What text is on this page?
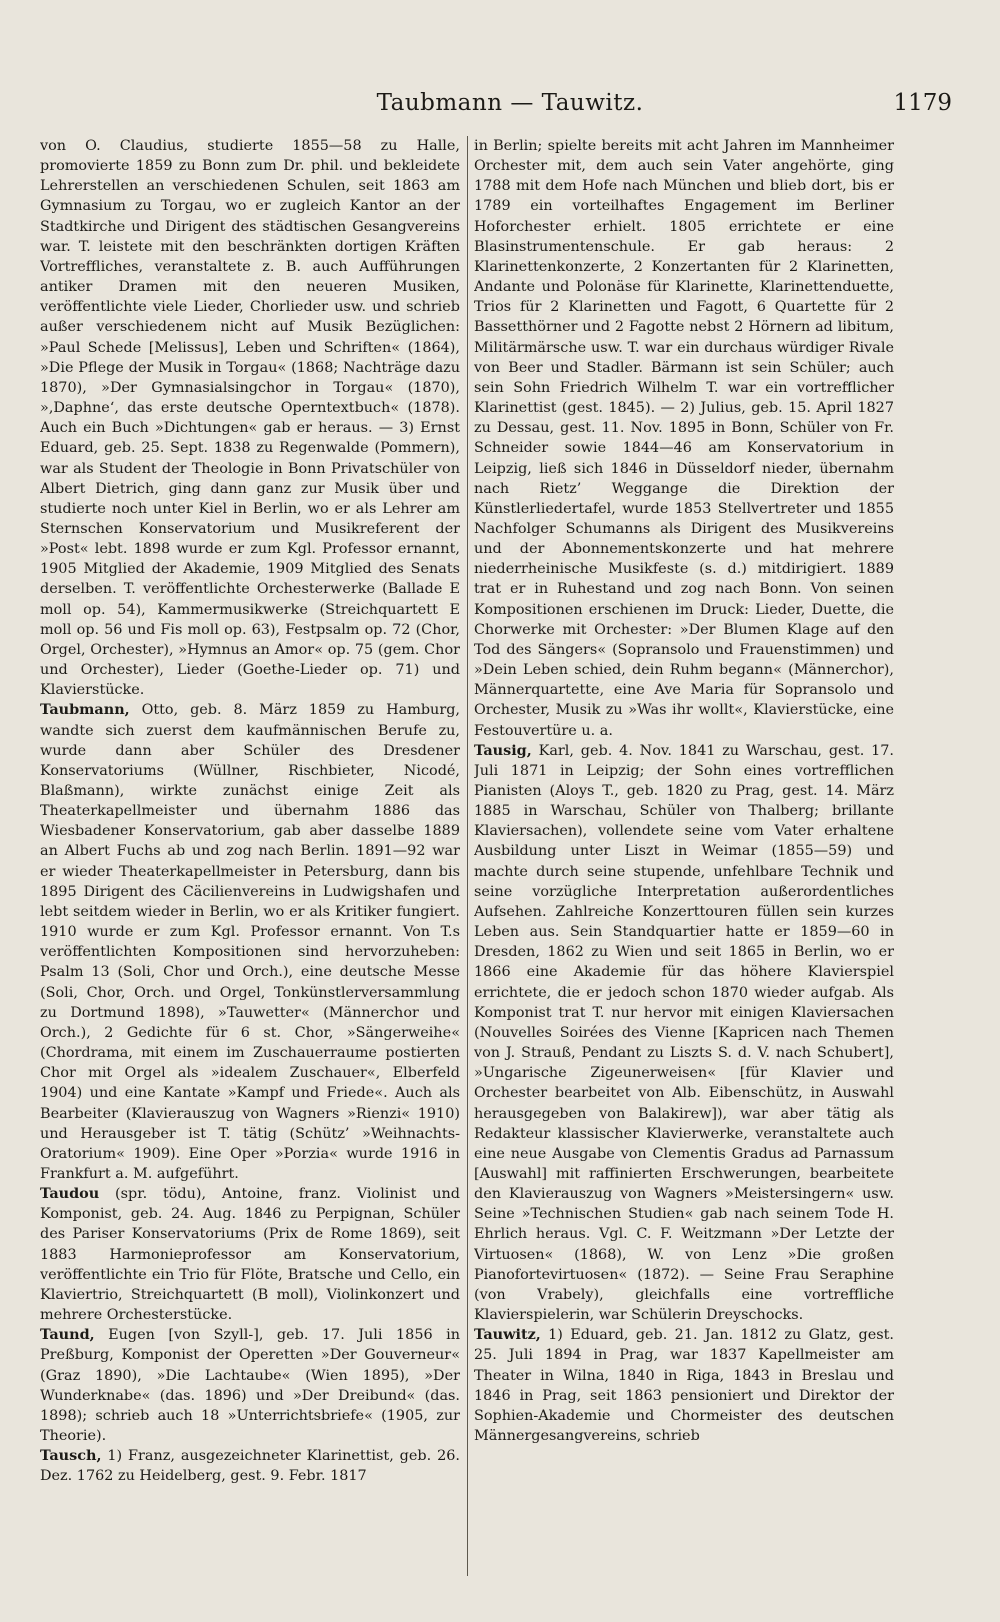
Taubmann — Tauwitz.	1179

von O. Claudius, studierte 1855—58 zu Halle, promovierte 1859 zu Bonn zum Dr. phil. und bekleidete Lehrerstellen an verschiedenen Schulen, seit 1863 am Gymnasium zu Torgau, wo er zugleich Kantor an der Stadtkirche und Dirigent des städtischen Gesangvereins war. T. leistete mit den beschränkten dortigen Kräften Vortreffliches, veranstaltete z. B. auch Aufführungen antiker Dramen mit den neueren Musiken, veröffentlichte viele Lieder, Chorlieder usw. und schrieb außer verschiedenem nicht auf Musik Bezüglichen: »Paul Schede [Melissus], Leben und Schriften« (1864), »Die Pflege der Musik in Torgau« (1868; Nachträge dazu 1870), »Der Gymnasialsingchor in Torgau« (1870), »‚Daphne‘, das erste deutsche Operntextbuch« (1878). Auch ein Buch »Dichtungen« gab er heraus. — 3) Ernst Eduard, geb. 25. Sept. 1838 zu Regenwalde (Pommern), war als Student der Theologie in Bonn Privatschüler von Albert Dietrich, ging dann ganz zur Musik über und studierte noch unter Kiel in Berlin, wo er als Lehrer am Sternschen Konservatorium und Musikreferent der »Post« lebt. 1898 wurde er zum Kgl. Professor ernannt, 1905 Mitglied der Akademie, 1909 Mitglied des Senats derselben. T. veröffentlichte Orchesterwerke (Ballade E moll op. 54), Kammermusikwerke (Streichquartett E moll op. 56 und Fis moll op. 63), Festpsalm op. 72 (Chor, Orgel, Orchester), »Hymnus an Amor« op. 75 (gem. Chor und Orchester), Lieder (Goethe-Lieder op. 71) und Klavierstücke.

Taubmann, Otto, geb. 8. März 1859 zu Hamburg, wandte sich zuerst dem kaufmännischen Berufe zu, wurde dann aber Schüler des Dresdener Konservatoriums (Wüllner, Rischbieter, Nicodé, Blaßmann), wirkte zunächst einige Zeit als Theaterkapellmeister und übernahm 1886 das Wiesbadener Konservatorium, gab aber dasselbe 1889 an Albert Fuchs ab und zog nach Berlin. 1891—92 war er wieder Theaterkapellmeister in Petersburg, dann bis 1895 Dirigent des Cäcilienvereins in Ludwigshafen und lebt seitdem wieder in Berlin, wo er als Kritiker fungiert. 1910 wurde er zum Kgl. Professor ernannt. Von T.s veröffentlichten Kompositionen sind hervorzuheben: Psalm 13 (Soli, Chor und Orch.), eine deutsche Messe (Soli, Chor, Orch. und Orgel, Tonkünstlerversammlung zu Dortmund 1898), »Tauwetter« (Männerchor und Orch.), 2 Gedichte für 6 st. Chor, »Sängerweihe« (Chordrama, mit einem im Zuschauerraume postierten Chor mit Orgel als »idealem Zuschauer«, Elberfeld 1904) und eine Kantate »Kampf und Friede«. Auch als Bearbeiter (Klavierauszug von Wagners »Rienzi« 1910) und Herausgeber ist T. tätig (Schütz’ »Weihnachts-Oratorium« 1909). Eine Oper »Porzia« wurde 1916 in Frankfurt a. M. aufgeführt.

Taudou (spr. tödu), Antoine, franz. Violinist und Komponist, geb. 24. Aug. 1846 zu Perpignan, Schüler des Pariser Konservatoriums (Prix de Rome 1869), seit 1883 Harmonieprofessor am Konservatorium, veröffentlichte ein Trio für Flöte, Bratsche und Cello, ein Klaviertrio, Streichquartett (B moll), Violinkonzert und mehrere Orchesterstücke.

Taund, Eugen [von Szyll-], geb. 17. Juli 1856 in Preßburg, Komponist der Operetten »Der Gouverneur« (Graz 1890), »Die Lachtaube« (Wien 1895), »Der Wunderknabe« (das. 1896) und »Der Dreibund« (das. 1898); schrieb auch 18 »Unterrichtsbriefe« (1905, zur Theorie).

Tausch, 1) Franz, ausgezeichneter Klarinettist, geb. 26. Dez. 1762 zu Heidelberg, gest. 9. Febr. 1817

in Berlin; spielte bereits mit acht Jahren im Mannheimer Orchester mit, dem auch sein Vater angehörte, ging 1788 mit dem Hofe nach München und blieb dort, bis er 1789 ein vorteilhaftes Engagement im Berliner Hoforchester erhielt. 1805 errichtete er eine Blasinstrumentenschule. Er gab heraus: 2 Klarinettenkonzerte, 2 Konzertanten für 2 Klarinetten, Andante und Polonäse für Klarinette, Klarinettenduette, Trios für 2 Klarinetten und Fagott, 6 Quartette für 2 Bassetthörner und 2 Fagotte nebst 2 Hörnern ad libitum, Militärmärsche usw. T. war ein durchaus würdiger Rivale von Beer und Stadler. Bärmann ist sein Schüler; auch sein Sohn Friedrich Wilhelm T. war ein vortrefflicher Klarinettist (gest. 1845). — 2) Julius, geb. 15. April 1827 zu Dessau, gest. 11. Nov. 1895 in Bonn, Schüler von Fr. Schneider sowie 1844—46 am Konservatorium in Leipzig, ließ sich 1846 in Düsseldorf nieder, übernahm nach Rietz’ Weggange die Direktion der Künstlerliedertafel, wurde 1853 Stellvertreter und 1855 Nachfolger Schumanns als Dirigent des Musikvereins und der Abonnementskonzerte und hat mehrere niederrheinische Musikfeste (s. d.) mitdirigiert. 1889 trat er in Ruhestand und zog nach Bonn. Von seinen Kompositionen erschienen im Druck: Lieder, Duette, die Chorwerke mit Orchester: »Der Blumen Klage auf den Tod des Sängers« (Sopransolo und Frauenstimmen) und »Dein Leben schied, dein Ruhm begann« (Männerchor), Männerquartette, eine Ave Maria für Sopransolo und Orchester, Musik zu »Was ihr wollt«, Klavierstücke, eine Festouvertüre u. a.

Tausig, Karl, geb. 4. Nov. 1841 zu Warschau, gest. 17. Juli 1871 in Leipzig; der Sohn eines vortrefflichen Pianisten (Aloys T., geb. 1820 zu Prag, gest. 14. März 1885 in Warschau, Schüler von Thalberg; brillante Klaviersachen), vollendete seine vom Vater erhaltene Ausbildung unter Liszt in Weimar (1855—59) und machte durch seine stupende, unfehlbare Technik und seine vorzügliche Interpretation außerordentliches Aufsehen. Zahlreiche Konzerttouren füllen sein kurzes Leben aus. Sein Standquartier hatte er 1859—60 in Dresden, 1862 zu Wien und seit 1865 in Berlin, wo er 1866 eine Akademie für das höhere Klavierspiel errichtete, die er jedoch schon 1870 wieder aufgab. Als Komponist trat T. nur hervor mit einigen Klaviersachen (Nouvelles Soirées des Vienne [Kapricen nach Themen von J. Strauß, Pendant zu Liszts S. d. V. nach Schubert], »Ungarische Zigeunerweisen« [für Klavier und Orchester bearbeitet von Alb. Eibenschütz, in Auswahl herausgegeben von Balakirew]), war aber tätig als Redakteur klassischer Klavierwerke, veranstaltete auch eine neue Ausgabe von Clementis Gradus ad Parnassum [Auswahl] mit raffinierten Erschwerungen, bearbeitete den Klavierauszug von Wagners »Meistersingern« usw. Seine »Technischen Studien« gab nach seinem Tode H. Ehrlich heraus. Vgl. C. F. Weitzmann »Der Letzte der Virtuosen« (1868), W. von Lenz »Die großen Pianofortevirtuosen« (1872). — Seine Frau Seraphine (von Vrabely), gleichfalls eine vortreffliche Klavierspielerin, war Schülerin Dreyschocks.

Tauwitz, 1) Eduard, geb. 21. Jan. 1812 zu Glatz, gest. 25. Juli 1894 in Prag, war 1837 Kapellmeister am Theater in Wilna, 1840 in Riga, 1843 in Breslau und 1846 in Prag, seit 1863 pensioniert und Direktor der Sophien-Akademie und Chormeister des deutschen Männergesangvereins, schrieb
